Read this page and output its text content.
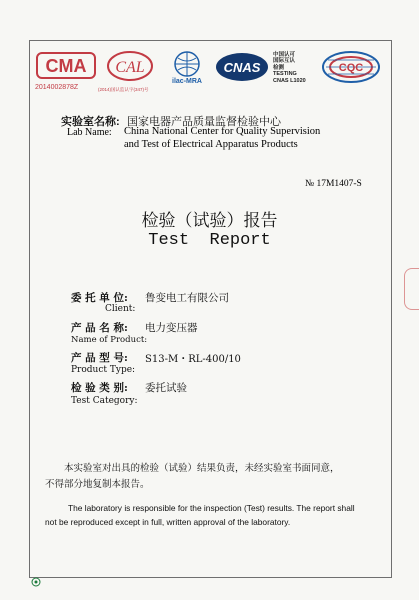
CMA
2014002878Z
CAL
(2014)国认监认字(347)号
ilac-MRA
CNAS
中国认可
国际互认
检测
TESTING
CNAS L1020
CQC
实验室名称: 国家电器产品质量监督检验中心
Lab Name: China National Center for Quality Supervision
and Test of Electrical Apparatus Products
№ 17M1407-S
检验（试验）报告
Test  Report
委 托 单 位: 鲁变电工有限公司
Client:
产 品 名 称: 电力变压器
Name of Product:
产 品 型 号: S13-M・RL-400/10
Product Type:
检 验 类 别: 委托试验
Test Category:
本实验室对出具的检验（试验）结果负责，未经实验室书面同意，
不得部分地复制本报告。
The laboratory is responsible for the inspection (Test) results. The report shall
not be reproduced except in full, written approval of the laboratory.
